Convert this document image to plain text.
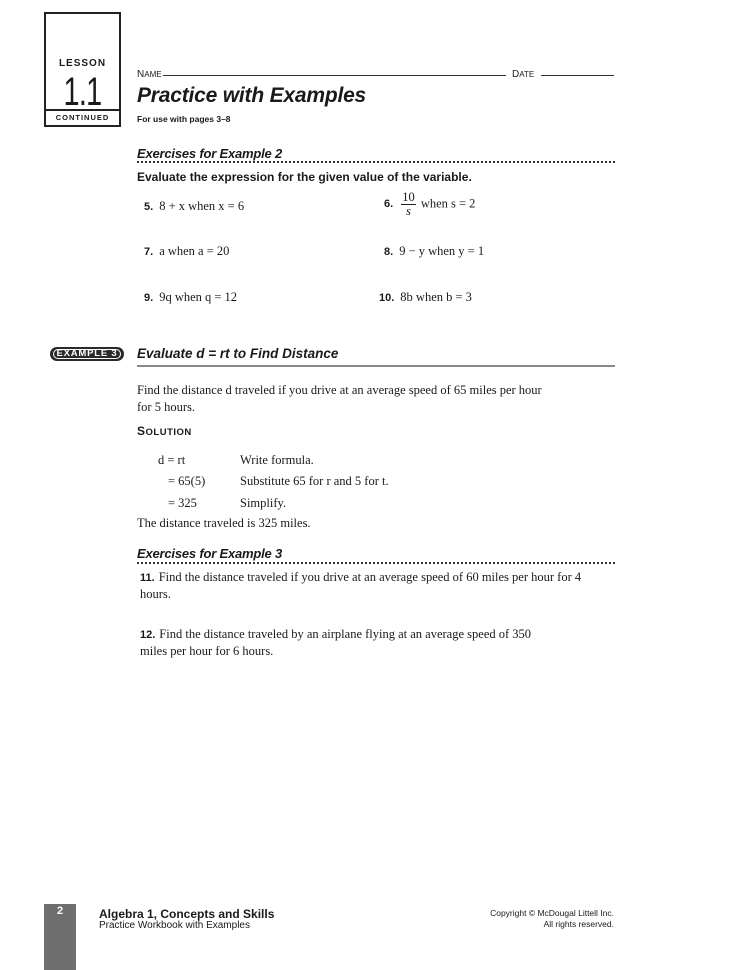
LESSON
1.1
CONTINUED
NAME	DATE
Practice with Examples
For use with pages 3–8
Exercises for Example 2
Evaluate the expression for the given value of the variable.
5. 8 + x when x = 6	6. $\frac{10}{s}$ when s = 2
7. a when a = 20	8. 9 − y when y = 1
9. 9q when q = 12	10. 8b when b = 3
EXAMPLE 3	Evaluate d = rt to Find Distance
Find the distance d traveled if you drive at an average speed of 65 miles per hour for 5 hours.
SOLUTION
d = rt	Write formula.
= 65(5)	Substitute 65 for r and 5 for t.
= 325	Simplify.
The distance traveled is 325 miles.
Exercises for Example 3
11. Find the distance traveled if you drive at an average speed of 60 miles per hour for 4 hours.
12. Find the distance traveled by an airplane flying at an average speed of 350 miles per hour for 6 hours.
2	Algebra 1, Concepts and Skills
Practice Workbook with Examples
Copyright © McDougal Littell Inc.
All rights reserved.
